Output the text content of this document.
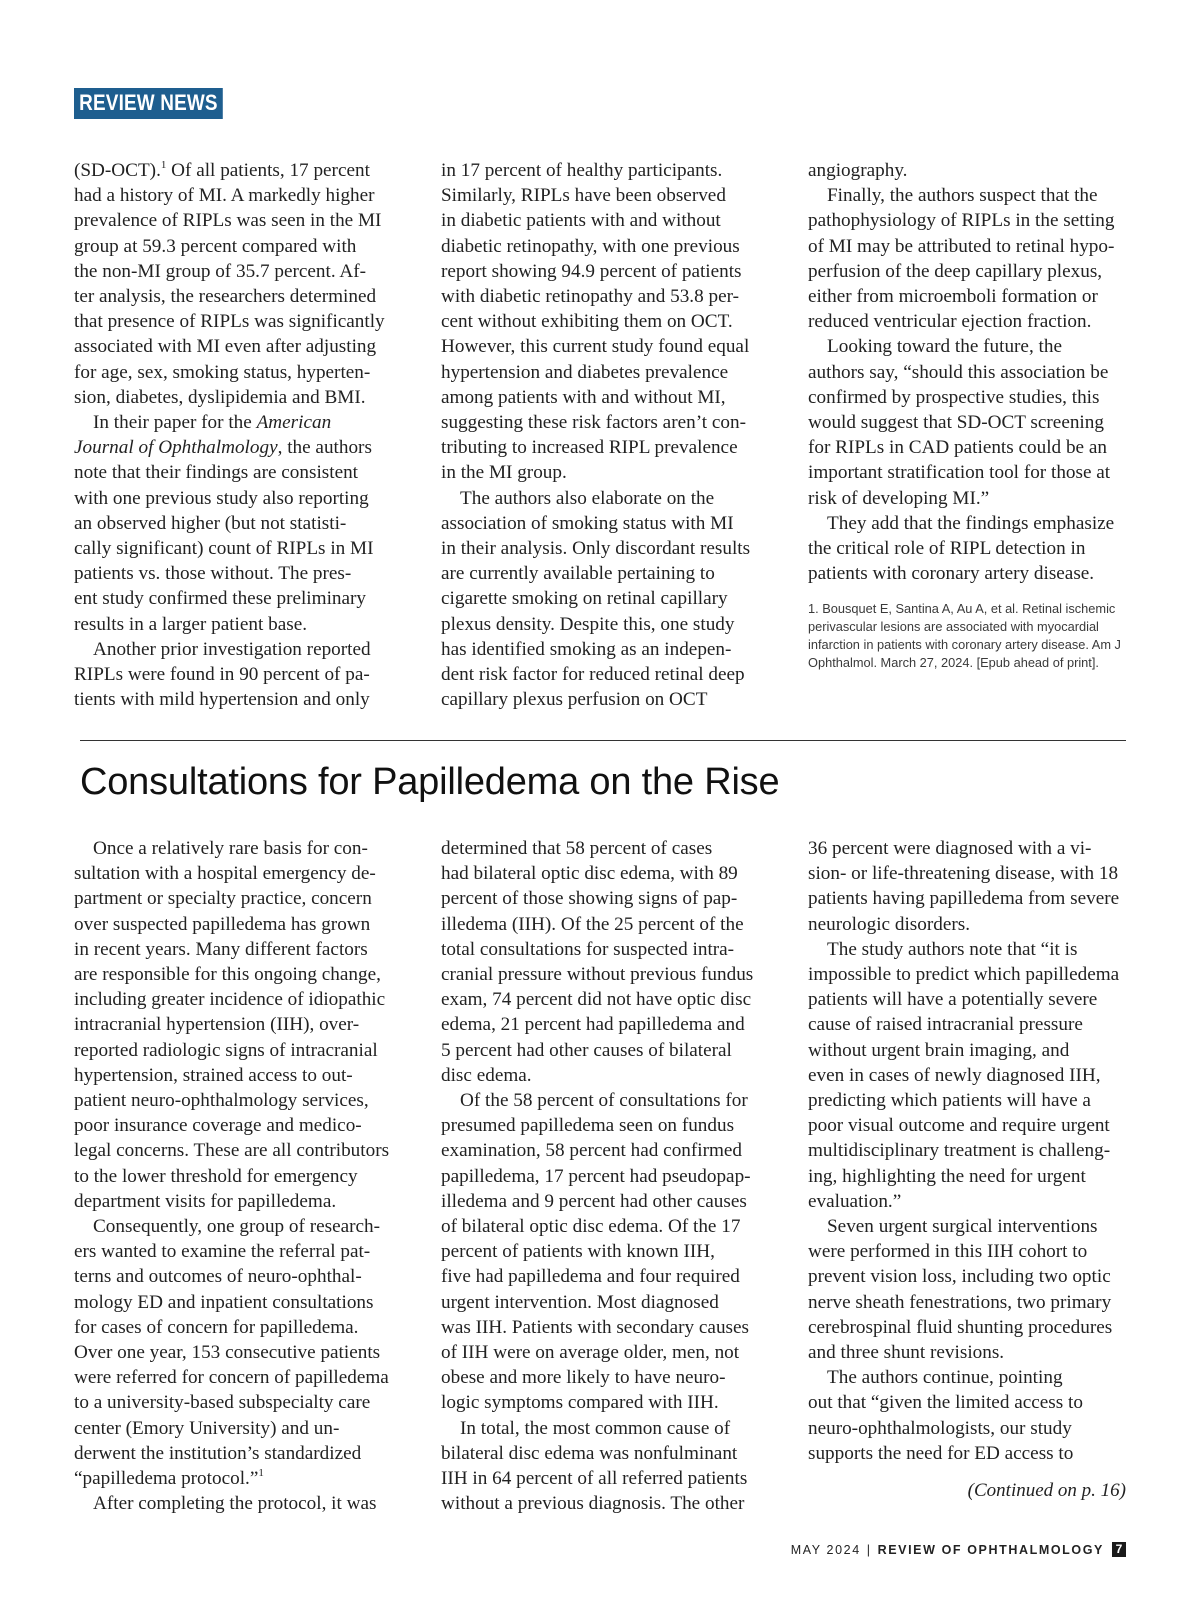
REVIEW NEWS

(SD-OCT).$^1$ Of all patients, 17 percent
had a history of MI. A markedly higher
prevalence of RIPLs was seen in the MI
group at 59.3 percent compared with
the non-MI group of 35.7 percent. Af-
ter analysis, the researchers determined
that presence of RIPLs was significantly
associated with MI even after adjusting
for age, sex, smoking status, hyperten-
sion, diabetes, dyslipidemia and BMI.

In their paper for the American
Journal of Ophthalmology, the authors
note that their findings are consistent
with one previous study also reporting
an observed higher (but not statisti-
cally significant) count of RIPLs in MI
patients vs. those without. The pres-
ent study confirmed these preliminary
results in a larger patient base.

Another prior investigation reported
RIPLs were found in 90 percent of pa-
tients with mild hypertension and only

in 17 percent of healthy participants.
Similarly, RIPLs have been observed
in diabetic patients with and without
diabetic retinopathy, with one previous
report showing 94.9 percent of patients
with diabetic retinopathy and 53.8 per-
cent without exhibiting them on OCT.
However, this current study found equal
hypertension and diabetes prevalence
among patients with and without MI,
suggesting these risk factors aren’t con-
tributing to increased RIPL prevalence
in the MI group.

The authors also elaborate on the
association of smoking status with MI
in their analysis. Only discordant results
are currently available pertaining to
cigarette smoking on retinal capillary
plexus density. Despite this, one study
has identified smoking as an indepen-
dent risk factor for reduced retinal deep
capillary plexus perfusion on OCT

angiography.

Finally, the authors suspect that the
pathophysiology of RIPLs in the setting
of MI may be attributed to retinal hypo-
perfusion of the deep capillary plexus,
either from microemboli formation or
reduced ventricular ejection fraction.

Looking toward the future, the
authors say, “should this association be
confirmed by prospective studies, this
would suggest that SD-OCT screening
for RIPLs in CAD patients could be an
important stratification tool for those at
risk of developing MI.”

They add that the findings emphasize
the critical role of RIPL detection in
patients with coronary artery disease.

1. Bousquet E, Santina A, Au A, et al. Retinal ischemic
perivascular lesions are associated with myocardial
infarction in patients with coronary artery disease. Am J
Ophthalmol. March 27, 2024. [Epub ahead of print].
Consultations for Papilledema on the Rise

Once a relatively rare basis for con-
sultation with a hospital emergency de-
partment or specialty practice, concern
over suspected papilledema has grown
in recent years. Many different factors
are responsible for this ongoing change,
including greater incidence of idiopathic
intracranial hypertension (IIH), over-
reported radiologic signs of intracranial
hypertension, strained access to out-
patient neuro-ophthalmology services,
poor insurance coverage and medico-
legal concerns. These are all contributors
to the lower threshold for emergency
department visits for papilledema.

Consequently, one group of research-
ers wanted to examine the referral pat-
terns and outcomes of neuro-ophthal-
mology ED and inpatient consultations
for cases of concern for papilledema.
Over one year, 153 consecutive patients
were referred for concern of papilledema
to a university-based subspecialty care
center (Emory University) and un-
derwent the institution’s standardized
“papilledema protocol.”$^1$

After completing the protocol, it was

determined that 58 percent of cases
had bilateral optic disc edema, with 89
percent of those showing signs of pap-
illedema (IIH). Of the 25 percent of the
total consultations for suspected intra-
cranial pressure without previous fundus
exam, 74 percent did not have optic disc
edema, 21 percent had papilledema and
5 percent had other causes of bilateral
disc edema.

Of the 58 percent of consultations for
presumed papilledema seen on fundus
examination, 58 percent had confirmed
papilledema, 17 percent had pseudopap-
illedema and 9 percent had other causes
of bilateral optic disc edema. Of the 17
percent of patients with known IIH,
five had papilledema and four required
urgent intervention. Most diagnosed
was IIH. Patients with secondary causes
of IIH were on average older, men, not
obese and more likely to have neuro-
logic symptoms compared with IIH.

In total, the most common cause of
bilateral disc edema was nonfulminant
IIH in 64 percent of all referred patients
without a previous diagnosis. The other

36 percent were diagnosed with a vi-
sion- or life-threatening disease, with 18
patients having papilledema from severe
neurologic disorders.

The study authors note that “it is
impossible to predict which papilledema
patients will have a potentially severe
cause of raised intracranial pressure
without urgent brain imaging, and
even in cases of newly diagnosed IIH,
predicting which patients will have a
poor visual outcome and require urgent
multidisciplinary treatment is challeng-
ing, highlighting the need for urgent
evaluation.”

Seven urgent surgical interventions
were performed in this IIH cohort to
prevent vision loss, including two optic
nerve sheath fenestrations, two primary
cerebrospinal fluid shunting procedures
and three shunt revisions.

The authors continue, pointing
out that “given the limited access to
neuro-ophthalmologists, our study
supports the need for ED access to

(Continued on p. 16)
MAY 2024 | REVIEW OF OPHTHALMOLOGY 7
